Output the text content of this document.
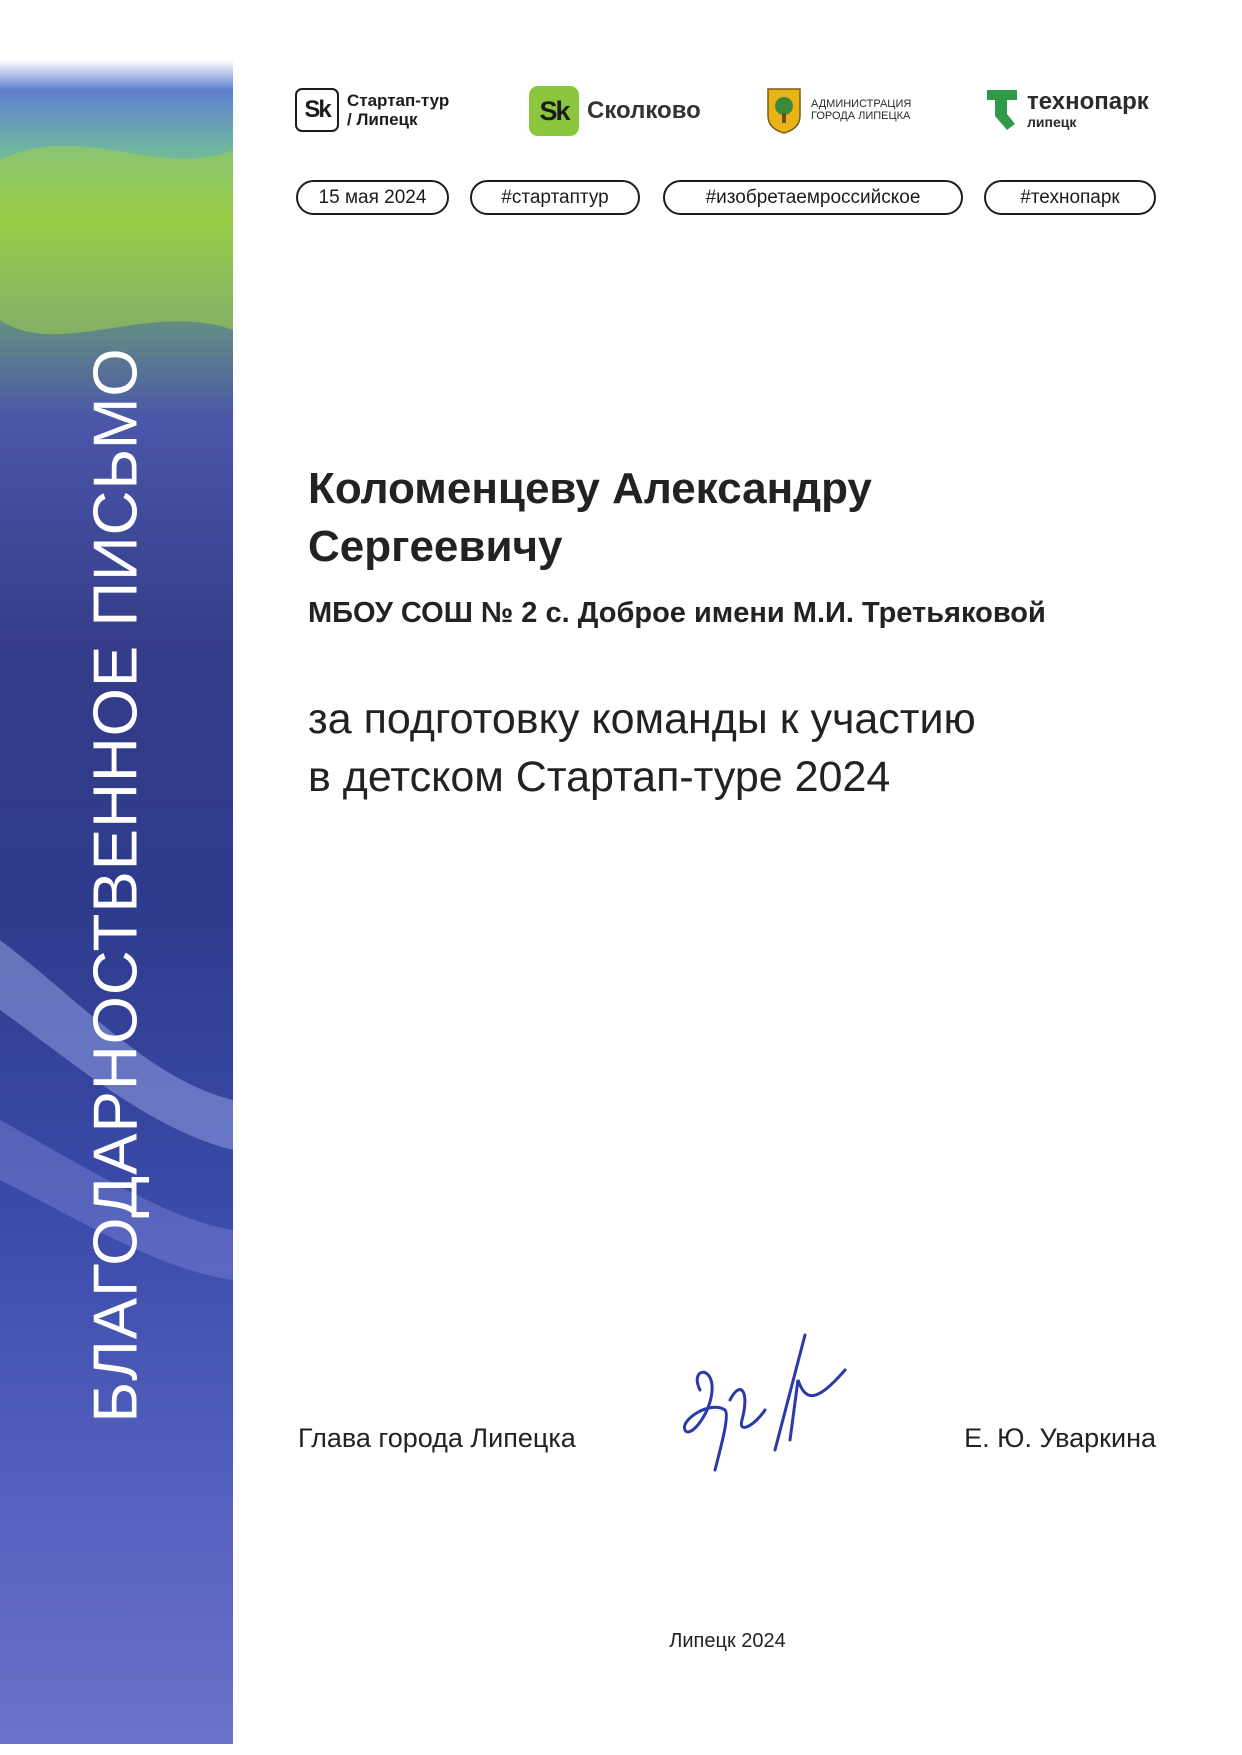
БЛАГОДАРНОСТВЕННОЕ ПИСЬМО
Sk	Стартап-тур
/ Липецк	Sk Сколково	АДМИНИСТРАЦИЯ
ГОРОДА ЛИПЕЦКА
технопарк
липецк
15 мая 2024	#стартаптур	#изобретаемроссийское	#технопарк
Коломенцеву Александру
Сергеевичу
МБОУ СОШ № 2 с. Доброе имени М.И. Третьяковой
за подготовку команды к участию
в детском Стартап-туре 2024
Глава города Липецка	Е. Ю. Уваркина
Липецк 2024
